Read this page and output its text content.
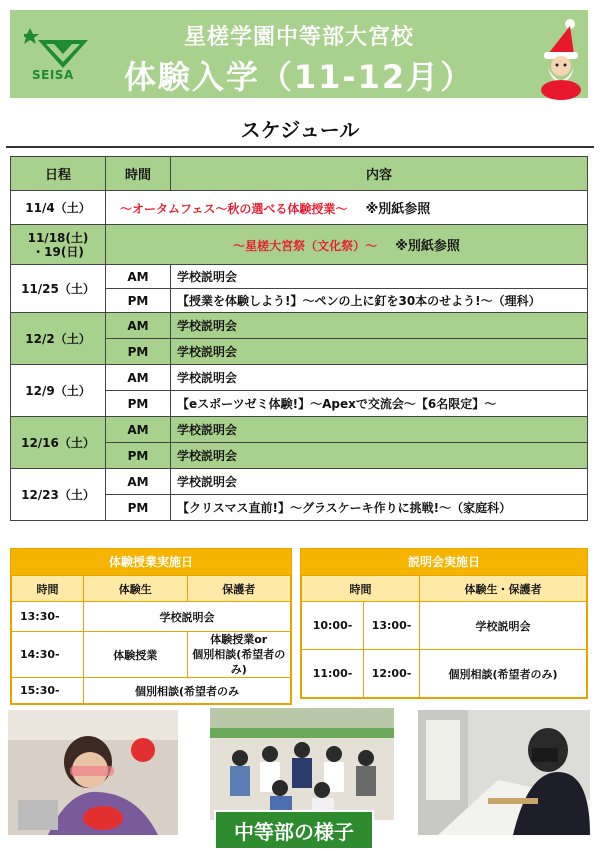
SEISA
星槎学園中等部大宮校
体験入学（11-12月）
スケジュール
日程	時間	内容
11/4（土）	〜オータムフェス〜秋の選べる体験授業〜 ※別紙参照	

11/18(土)
・19(日)	〜星槎大宮祭（文化祭）〜 ※別紙参照	
11/25（土）	AM	学校説明会
	PM	【授業を体験しよう!】〜ペンの上に釘を30本のせよう!〜（理科）
12/2（土）	AM	学校説明会
	PM	学校説明会
12/9（土）	AM	学校説明会
	PM	【eスポーツゼミ体験!】〜Apexで交流会〜【6名限定】〜
12/16（土）	AM	学校説明会
	PM	学校説明会
12/23（土）	AM	学校説明会
	PM	【クリスマス直前!】〜グラスケーキ作りに挑戦!〜（家庭科）
体験授業実施日
時間	体験生	保護者
13:30-	学校説明会	
14:30-	体験授業	体験授業or
個別相談(希望者のみ)

15:30-	個別相談(希望者のみ	
説明会実施日
時間		体験生・保護者
10:00-	13:00-	学校説明会
11:00-	12:00-	個別相談(希望者のみ)
中等部の様子
